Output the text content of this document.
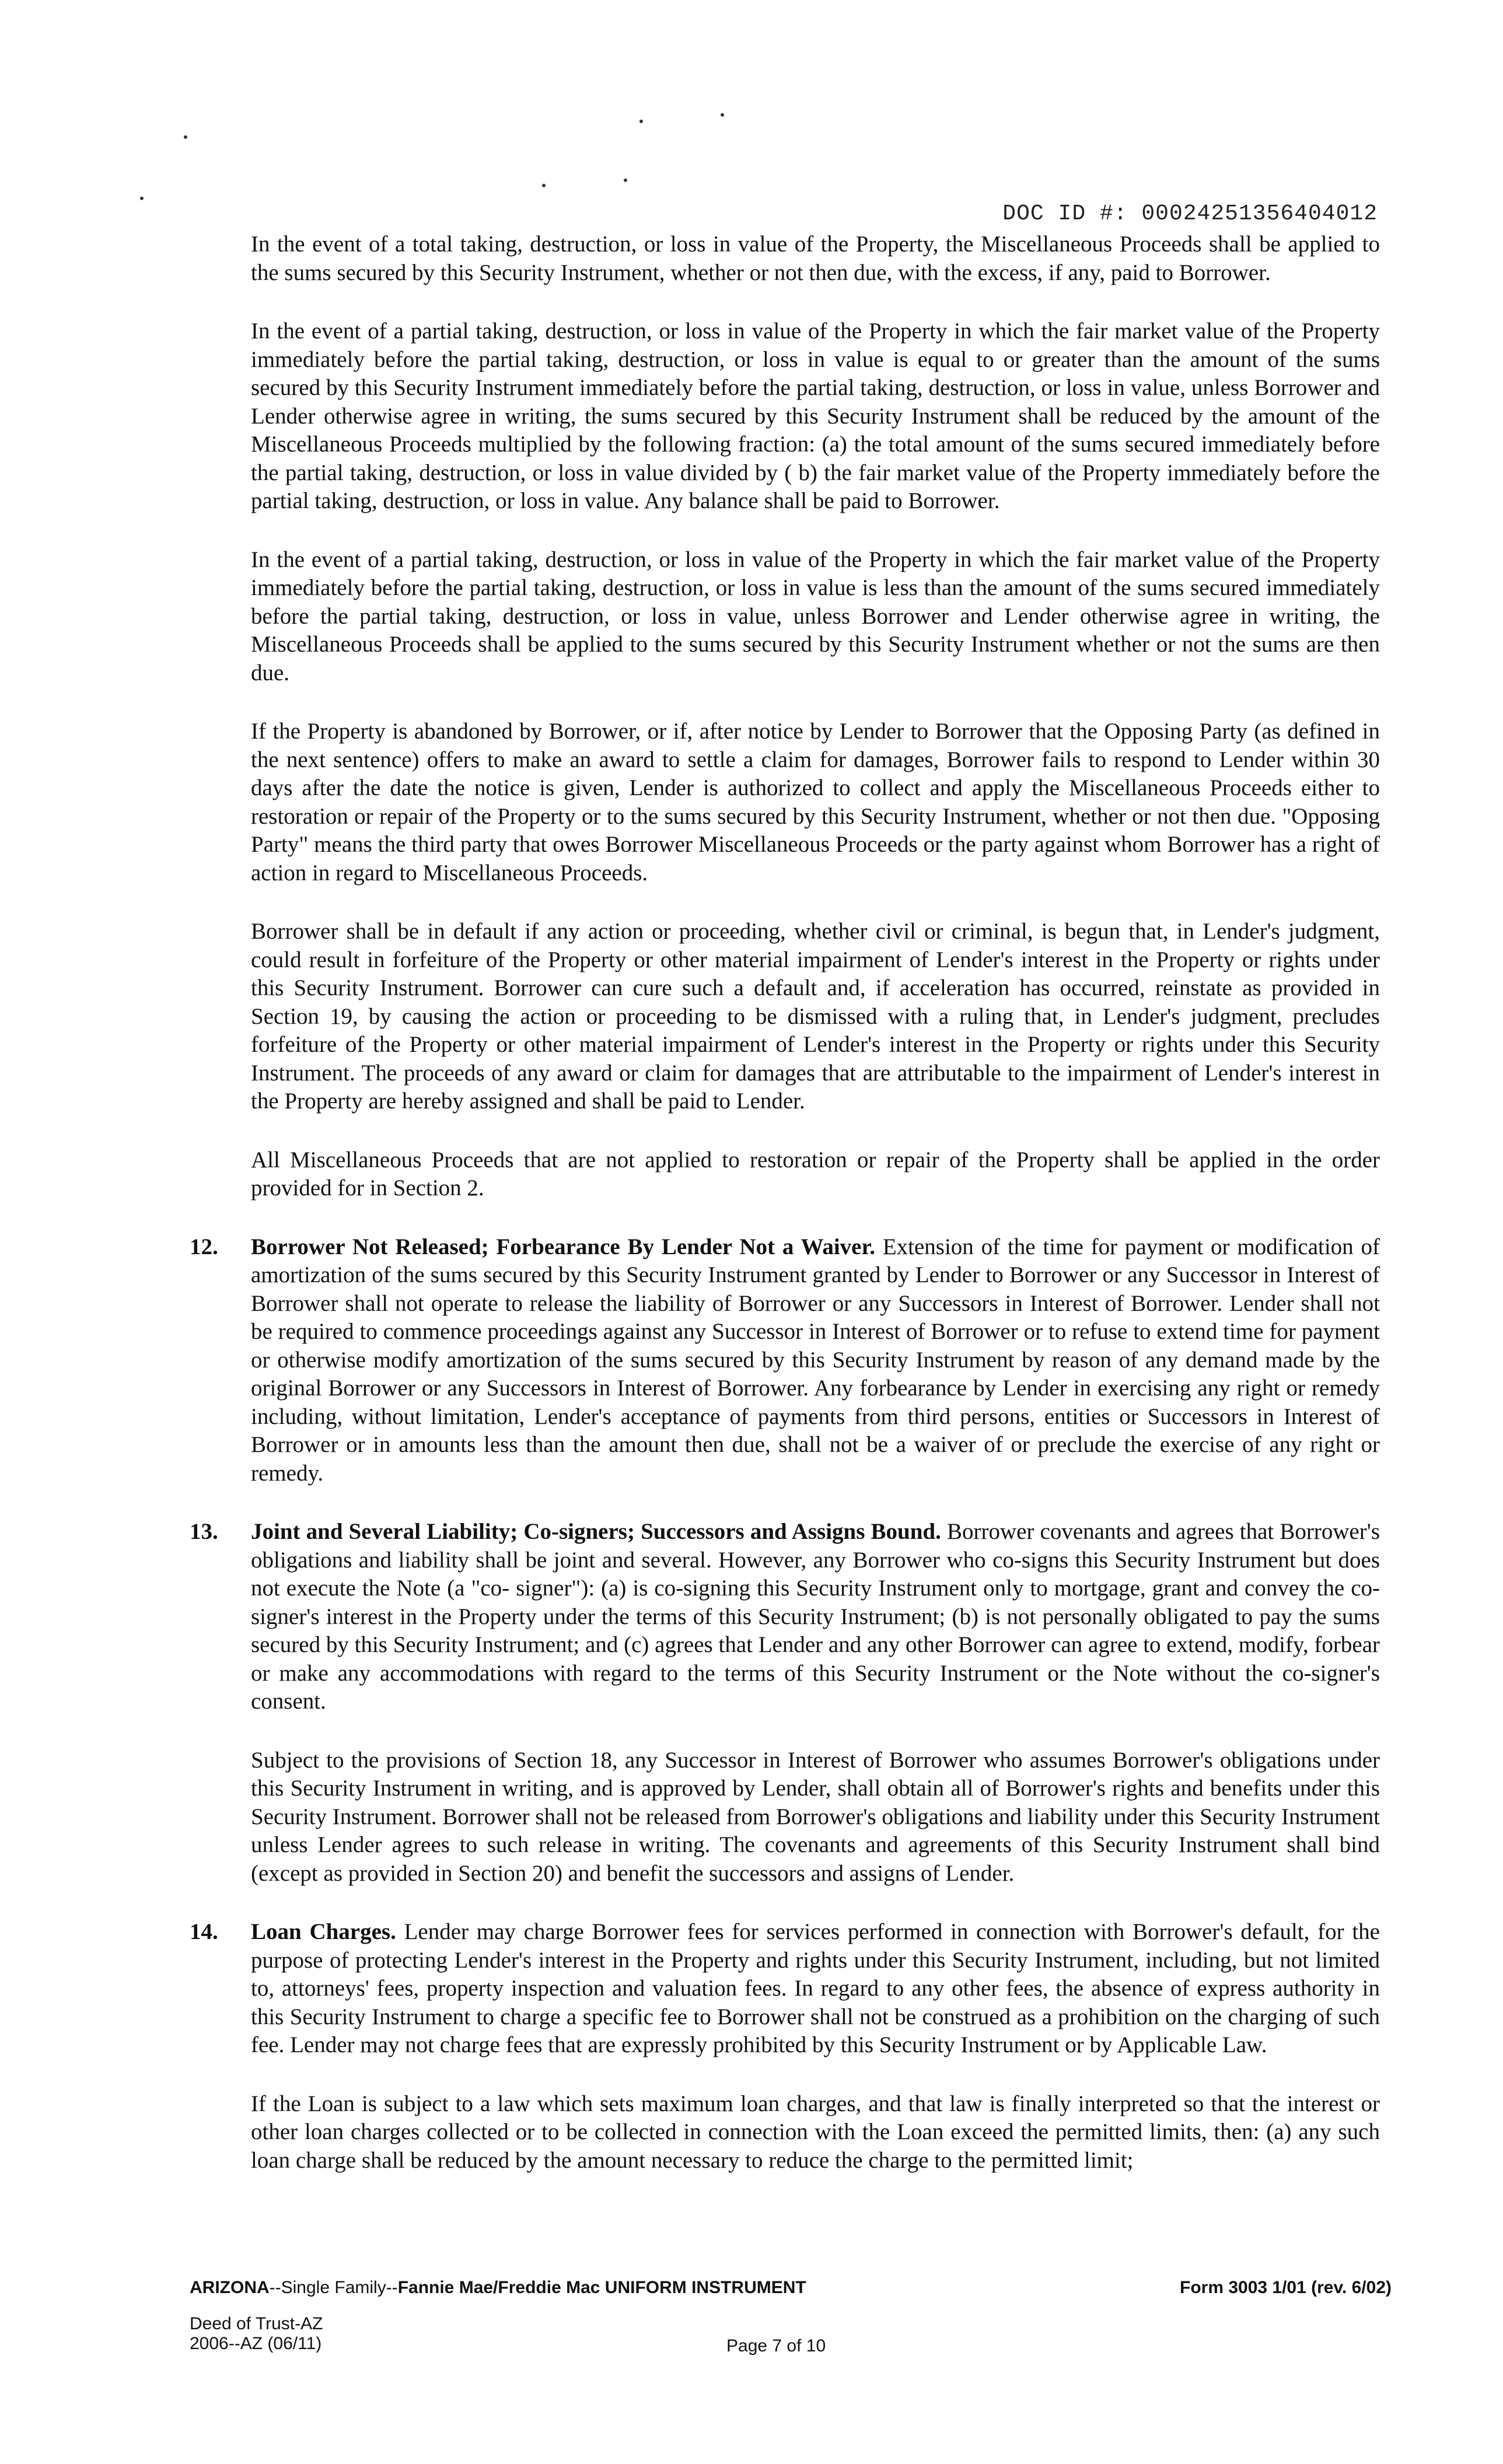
DOC ID #: 00024251356404012

In the event of a total taking, destruction, or loss in value of the Property, the Miscellaneous Proceeds shall be applied to the sums secured by this Security Instrument, whether or not then due, with the excess, if any, paid to Borrower.

In the event of a partial taking, destruction, or loss in value of the Property in which the fair market value of the Property immediately before the partial taking, destruction, or loss in value is equal to or greater than the amount of the sums secured by this Security Instrument immediately before the partial taking, destruction, or loss in value, unless Borrower and Lender otherwise agree in writing, the sums secured by this Security Instrument shall be reduced by the amount of the Miscellaneous Proceeds multiplied by the following fraction: (a) the total amount of the sums secured immediately before the partial taking, destruction, or loss in value divided by ( b) the fair market value of the Property immediately before the partial taking, destruction, or loss in value. Any balance shall be paid to Borrower.

In the event of a partial taking, destruction, or loss in value of the Property in which the fair market value of the Property immediately before the partial taking, destruction, or loss in value is less than the amount of the sums secured immediately before the partial taking, destruction, or loss in value, unless Borrower and Lender otherwise agree in writing, the Miscellaneous Proceeds shall be applied to the sums secured by this Security Instrument whether or not the sums are then due.

If the Property is abandoned by Borrower, or if, after notice by Lender to Borrower that the Opposing Party (as defined in the next sentence) offers to make an award to settle a claim for damages, Borrower fails to respond to Lender within 30 days after the date the notice is given, Lender is authorized to collect and apply the Miscellaneous Proceeds either to restoration or repair of the Property or to the sums secured by this Security Instrument, whether or not then due. "Opposing Party" means the third party that owes Borrower Miscellaneous Proceeds or the party against whom Borrower has a right of action in regard to Miscellaneous Proceeds.

Borrower shall be in default if any action or proceeding, whether civil or criminal, is begun that, in Lender's judgment, could result in forfeiture of the Property or other material impairment of Lender's interest in the Property or rights under this Security Instrument. Borrower can cure such a default and, if acceleration has occurred, reinstate as provided in Section 19, by causing the action or proceeding to be dismissed with a ruling that, in Lender's judgment, precludes forfeiture of the Property or other material impairment of Lender's interest in the Property or rights under this Security Instrument. The proceeds of any award or claim for damages that are attributable to the impairment of Lender's interest in the Property are hereby assigned and shall be paid to Lender.

All Miscellaneous Proceeds that are not applied to restoration or repair of the Property shall be applied in the order provided for in Section 2.

12. Borrower Not Released; Forbearance By Lender Not a Waiver. Extension of the time for payment or modification of amortization of the sums secured by this Security Instrument granted by Lender to Borrower or any Successor in Interest of Borrower shall not operate to release the liability of Borrower or any Successors in Interest of Borrower. Lender shall not be required to commence proceedings against any Successor in Interest of Borrower or to refuse to extend time for payment or otherwise modify amortization of the sums secured by this Security Instrument by reason of any demand made by the original Borrower or any Successors in Interest of Borrower. Any forbearance by Lender in exercising any right or remedy including, without limitation, Lender's acceptance of payments from third persons, entities or Successors in Interest of Borrower or in amounts less than the amount then due, shall not be a waiver of or preclude the exercise of any right or remedy.

13. Joint and Several Liability; Co-signers; Successors and Assigns Bound. Borrower covenants and agrees that Borrower's obligations and liability shall be joint and several. However, any Borrower who co-signs this Security Instrument but does not execute the Note (a "co- signer"): (a) is co-signing this Security Instrument only to mortgage, grant and convey the co-signer's interest in the Property under the terms of this Security Instrument; (b) is not personally obligated to pay the sums secured by this Security Instrument; and (c) agrees that Lender and any other Borrower can agree to extend, modify, forbear or make any accommodations with regard to the terms of this Security Instrument or the Note without the co-signer's consent.

Subject to the provisions of Section 18, any Successor in Interest of Borrower who assumes Borrower's obligations under this Security Instrument in writing, and is approved by Lender, shall obtain all of Borrower's rights and benefits under this Security Instrument. Borrower shall not be released from Borrower's obligations and liability under this Security Instrument unless Lender agrees to such release in writing. The covenants and agreements of this Security Instrument shall bind (except as provided in Section 20) and benefit the successors and assigns of Lender.

14. Loan Charges. Lender may charge Borrower fees for services performed in connection with Borrower's default, for the purpose of protecting Lender's interest in the Property and rights under this Security Instrument, including, but not limited to, attorneys' fees, property inspection and valuation fees. In regard to any other fees, the absence of express authority in this Security Instrument to charge a specific fee to Borrower shall not be construed as a prohibition on the charging of such fee. Lender may not charge fees that are expressly prohibited by this Security Instrument or by Applicable Law.

If the Loan is subject to a law which sets maximum loan charges, and that law is finally interpreted so that the interest or other loan charges collected or to be collected in connection with the Loan exceed the permitted limits, then: (a) any such loan charge shall be reduced by the amount necessary to reduce the charge to the permitted limit;

ARIZONA--Single Family--Fannie Mae/Freddie Mac UNIFORM INSTRUMENT	Form 3003 1/01 (rev. 6/02)
Deed of Trust-AZ
2006--AZ (06/11)	Page 7 of 10
